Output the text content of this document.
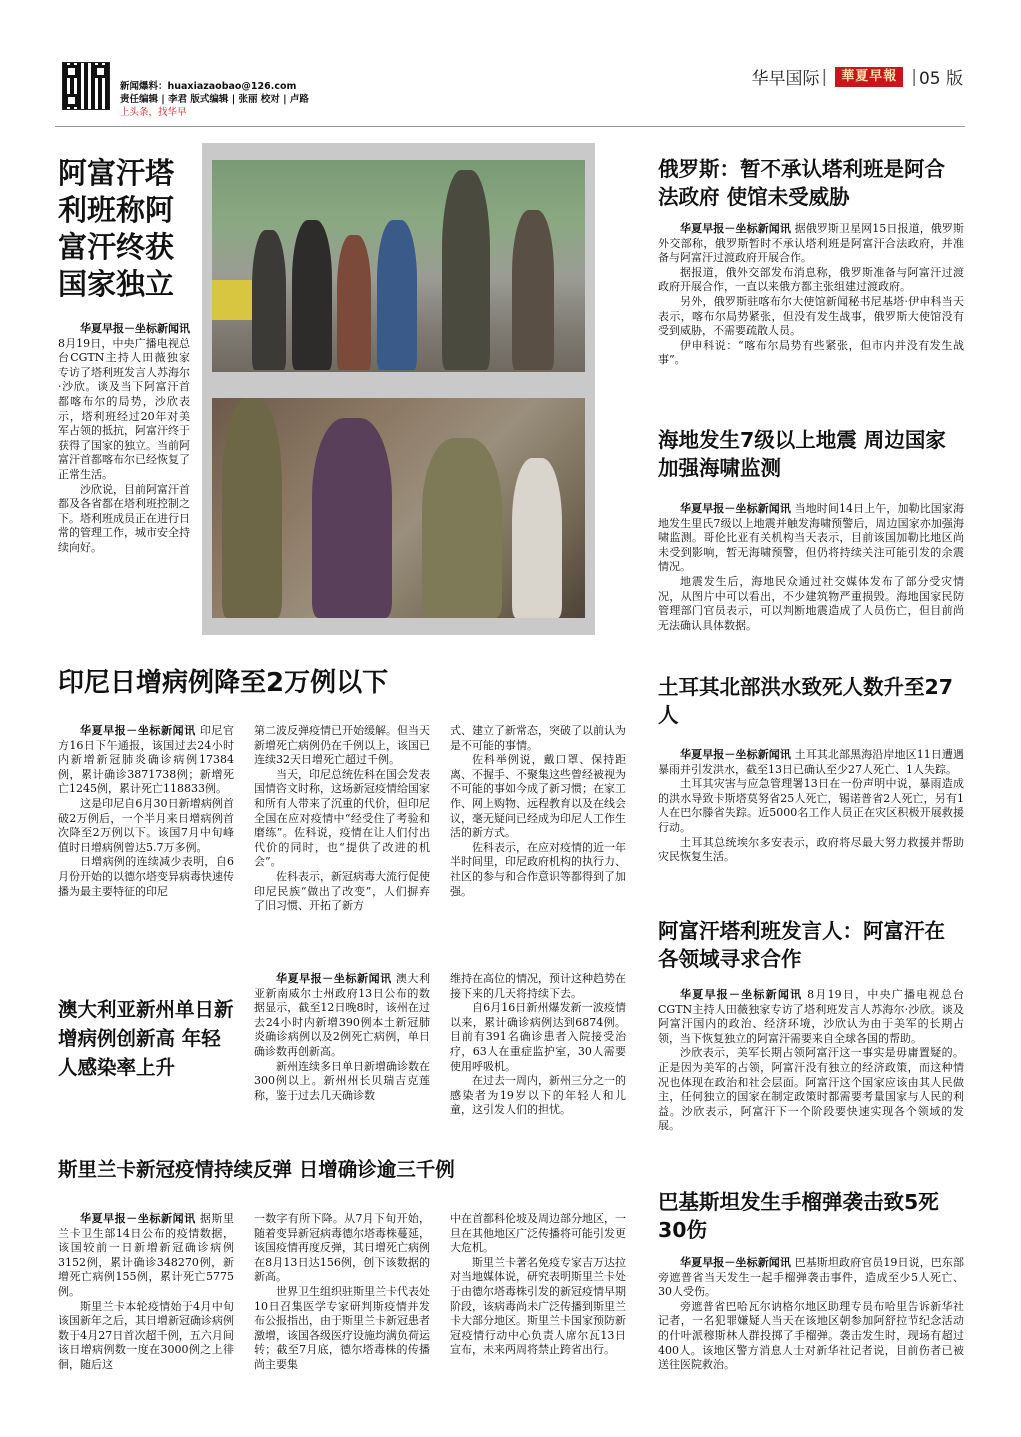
新闻爆料：huaxiazaobao@126.com
责任编辑 | 李君 版式编辑 | 张丽 校对 | 卢路
上头条，找华早
华早国际 |	華夏早報 | 05 版
阿富汗塔利班称阿富汗终获国家独立

华夏早报－坐标新闻讯 8月19日，中央广播电视总台CGTN主持人田薇独家专访了塔利班发言人苏海尔·沙欣。谈及当下阿富汗首都喀布尔的局势，沙欣表示，塔利班经过20年对美军占领的抵抗，阿富汗终于获得了国家的独立。当前阿富汗首都喀布尔已经恢复了正常生活。

沙欣说，目前阿富汗首都及各省都在塔利班控制之下。塔利班成员正在进行日常的管理工作，城市安全持续向好。

俄罗斯：暂不承认塔利班是阿合法政府 使馆未受威胁

华夏早报－坐标新闻讯 据俄罗斯卫星网15日报道，俄罗斯外交部称，俄罗斯暂时不承认塔利班是阿富汗合法政府，并准备与阿富汗过渡政府开展合作。

据报道，俄外交部发布消息称，俄罗斯准备与阿富汗过渡政府开展合作，一直以来俄方都主张组建过渡政府。

另外，俄罗斯驻喀布尔大使馆新闻秘书尼基塔·伊申科当天表示，喀布尔局势紧张，但没有发生战事，俄罗斯大使馆没有受到威胁，不需要疏散人员。

伊申科说：“喀布尔局势有些紧张，但市内并没有发生战事”。

海地发生7级以上地震 周边国家加强海啸监测

华夏早报－坐标新闻讯 当地时间14日上午，加勒比国家海地发生里氏7级以上地震并触发海啸预警后，周边国家亦加强海啸监测。哥伦比亚有关机构当天表示，目前该国加勒比地区尚未受到影响，暂无海啸预警，但仍将持续关注可能引发的余震情况。

地震发生后，海地民众通过社交媒体发布了部分受灾情况，从图片中可以看出，不少建筑物严重损毁。海地国家民防管理部门官员表示，可以判断地震造成了人员伤亡，但目前尚无法确认具体数据。

土耳其北部洪水致死人数升至27人

华夏早报－坐标新闻讯 土耳其北部黑海沿岸地区11日遭遇暴雨并引发洪水，截至13日已确认至少27人死亡、1人失踪。

土耳其灾害与应急管理署13日在一份声明中说，暴雨造成的洪水导致卡斯塔莫努省25人死亡，锡诺普省2人死亡，另有1人在巴尔滕省失踪。近5000名工作人员正在灾区积极开展救援行动。

土耳其总统埃尔多安表示，政府将尽最大努力救援并帮助灾民恢复生活。

阿富汗塔利班发言人：阿富汗在各领域寻求合作

华夏早报－坐标新闻讯 8月19日，中央广播电视总台CGTN主持人田薇独家专访了塔利班发言人苏海尔·沙欣。谈及阿富汗国内的政治、经济环境，沙欣认为由于美军的长期占领，当下恢复独立的阿富汗需要来自全球各国的帮助。

沙欣表示，美军长期占领阿富汗这一事实是毋庸置疑的。正是因为美军的占领，阿富汗没有独立的经济政策，而这种情况也体现在政治和社会层面。阿富汗这个国家应该由其人民做主，任何独立的国家在制定政策时都需要考量国家与人民的利益。沙欣表示，阿富汗下一个阶段要快速实现各个领域的发展。

巴基斯坦发生手榴弹袭击致5死30伤

华夏早报－坐标新闻讯 巴基斯坦政府官员19日说，巴东部旁遮普省当天发生一起手榴弹袭击事件，造成至少5人死亡、30人受伤。

旁遮普省巴哈瓦尔讷格尔地区助理专员布哈里告诉新华社记者，一名犯罪嫌疑人当天在该地区朝参加阿舒拉节纪念活动的什叶派穆斯林人群投掷了手榴弹。袭击发生时，现场有超过400人。该地区警方消息人士对新华社记者说，目前伤者已被送往医院救治。

印尼日增病例降至2万例以下

华夏早报－坐标新闻讯 印尼官方16日下午通报，该国过去24小时内新增新冠肺炎确诊病例17384例，累计确诊3871738例；新增死亡1245例，累计死亡118833例。

这是印尼自6月30日新增病例首破2万例后，一个半月来日增病例首次降至2万例以下。该国7月中旬峰值时日增病例曾达5.7万多例。

日增病例的连续减少表明，自6月份开始的以德尔塔变异病毒快速传播为最主要特征的印尼

第二波反弹疫情已开始缓解。但当天新增死亡病例仍在千例以上，该国已连续32天日增死亡超过千例。

当天，印尼总统佐科在国会发表国情咨文时称，这场新冠疫情给国家和所有人带来了沉重的代价，但印尼全国在应对疫情中“经受住了考验和磨练”。佐科说，疫情在让人们付出代价的同时，也“提供了改进的机会”。

佐科表示，新冠病毒大流行促使印尼民族“做出了改变”，人们摒弃了旧习惯、开拓了新方

式、建立了新常态，突破了以前认为是不可能的事情。

佐科举例说，戴口罩、保持距离、不握手、不聚集这些曾经被视为不可能的事如今成了新习惯；在家工作、网上购物、远程教育以及在线会议，毫无疑问已经成为印尼人工作生活的新方式。

佐科表示，在应对疫情的近一年半时间里，印尼政府机构的执行力、社区的参与和合作意识等都得到了加强。

澳大利亚新州单日新增病例创新高 年轻人感染率上升

华夏早报－坐标新闻讯 澳大利亚新南威尔士州政府13日公布的数据显示，截至12日晚8时，该州在过去24小时内新增390例本土新冠肺炎确诊病例以及2例死亡病例，单日确诊数再创新高。

新州连续多日单日新增确诊数在300例以上。新州州长贝瑞吉克莲称，鉴于过去几天确诊数

维持在高位的情况，预计这种趋势在接下来的几天将持续下去。

自6月16日新州爆发新一波疫情以来，累计确诊病例达到6874例。目前有391名确诊患者入院接受治疗，63人在重症监护室，30人需要使用呼吸机。

在过去一周内，新州三分之一的感染者为19岁以下的年轻人和儿童，这引发人们的担忧。

斯里兰卡新冠疫情持续反弹 日增确诊逾三千例

华夏早报－坐标新闻讯 据斯里兰卡卫生部14日公布的疫情数据，该国较前一日新增新冠确诊病例3152例，累计确诊348270例，新增死亡病例155例，累计死亡5775例。

斯里兰卡本轮疫情始于4月中旬该国新年之后，其日增新冠确诊病例数于4月27日首次超千例，五六月间该日增病例数一度在3000例之上徘徊，随后这

一数字有所下降。从7月下旬开始，随着变异新冠病毒德尔塔毒株蔓延，该国疫情再度反弹，其日增死亡病例在8月13日达156例，创下该数据的新高。

世界卫生组织驻斯里兰卡代表处10日召集医学专家研判斯疫情并发布公报指出，由于斯里兰卡新冠患者激增，该国各级医疗设施均满负荷运转；截至7月底，德尔塔毒株的传播尚主要集

中在首都科伦坡及周边部分地区，一旦在其他地区广泛传播将可能引发更大危机。

斯里兰卡著名免疫专家吉万达拉对当地媒体说，研究表明斯里兰卡处于由德尔塔毒株引发的新冠疫情早期阶段，该病毒尚未广泛传播到斯里兰卡大部分地区。斯里兰卡国家预防新冠疫情行动中心负责人席尔瓦13日宣布，未来两周将禁止跨省出行。
